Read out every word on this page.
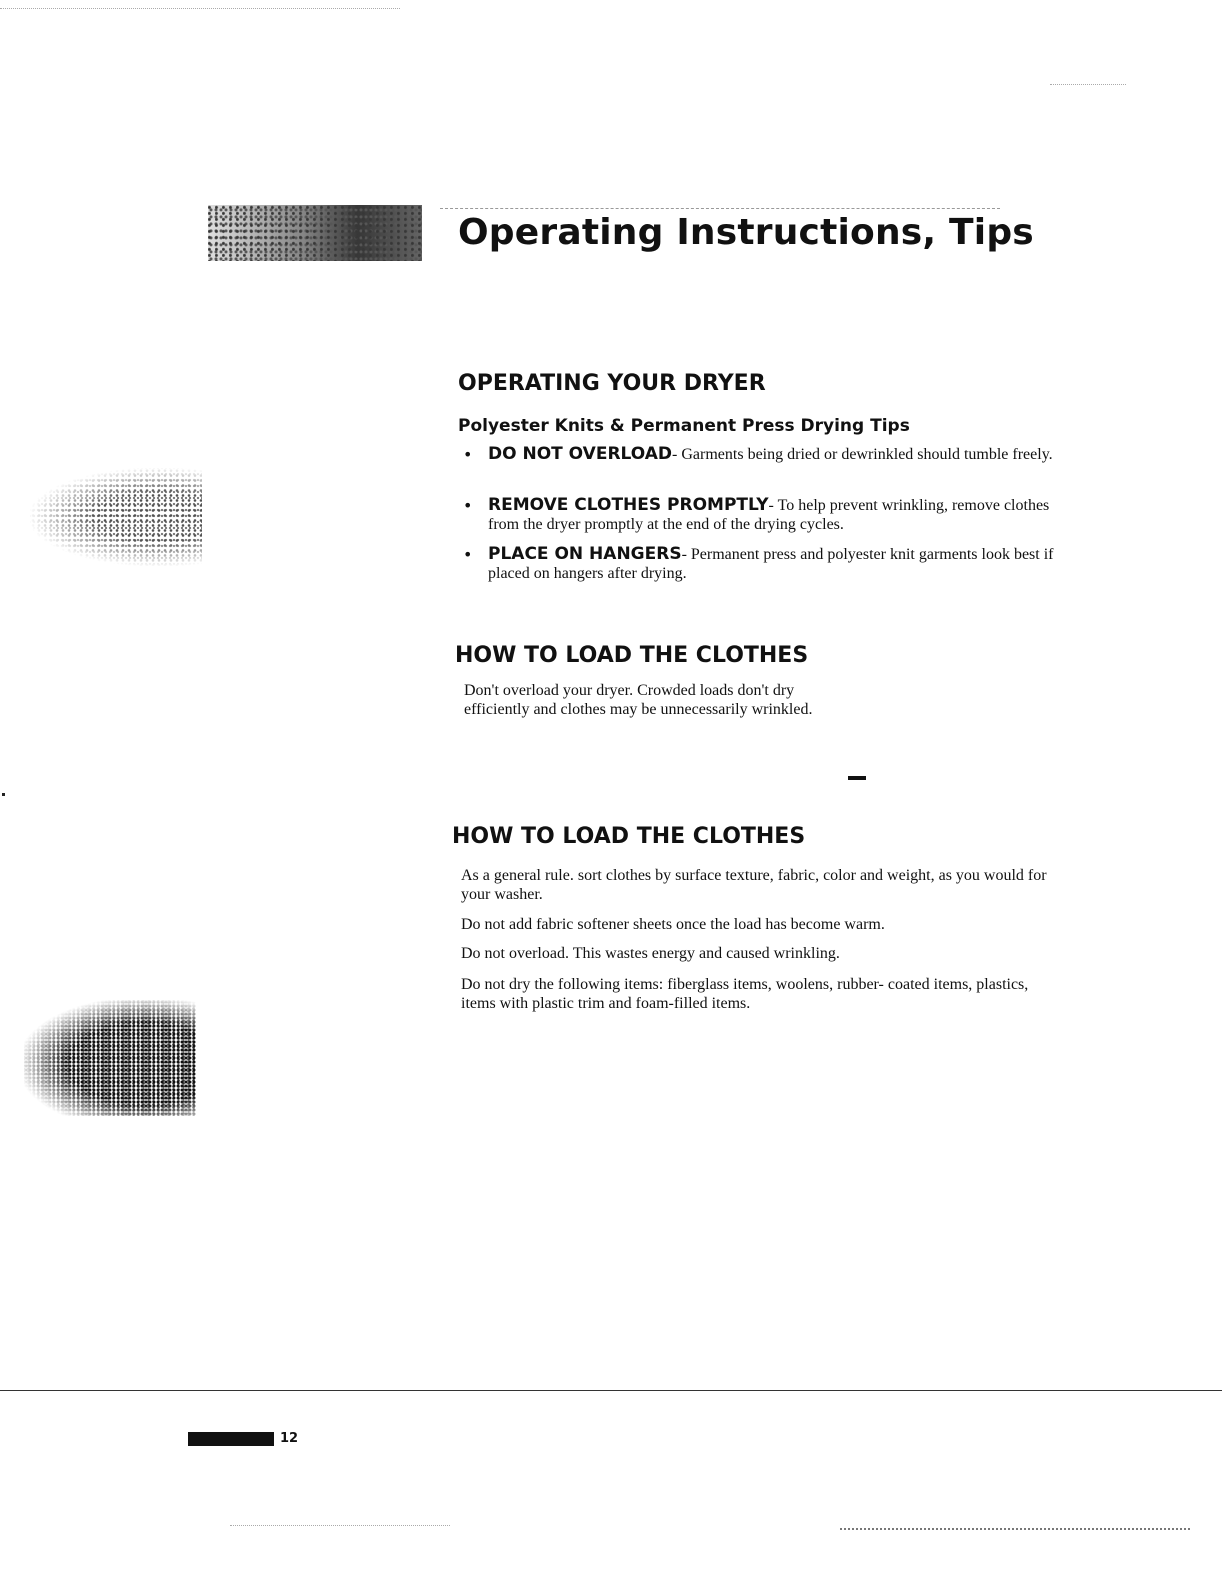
Operating Instructions, Tips
OPERATING YOUR DRYER
Polyester Knits & Permanent Press Drying Tips
• DO NOT OVERLOAD- Garments being dried or dewrinkled should tumble freely.
• REMOVE CLOTHES PROMPTLY- To help prevent wrinkling, remove clothes from the dryer promptly at the end of the drying cycles.
• PLACE ON HANGERS- Permanent press and polyester knit garments look best if placed on hangers after drying.
HOW TO LOAD THE CLOTHES
Don't overload your dryer. Crowded loads don't dry efficiently and clothes may be unnecessarily wrinkled.
HOW TO LOAD THE CLOTHES
As a general rule. sort clothes by surface texture, fabric, color and weight, as you would for your washer.
Do not add fabric softener sheets once the load has become warm.
Do not overload. This wastes energy and caused wrinkling.
Do not dry the following items: fiberglass items, woolens, rubber- coated items, plastics, items with plastic trim and foam-filled items.
12
